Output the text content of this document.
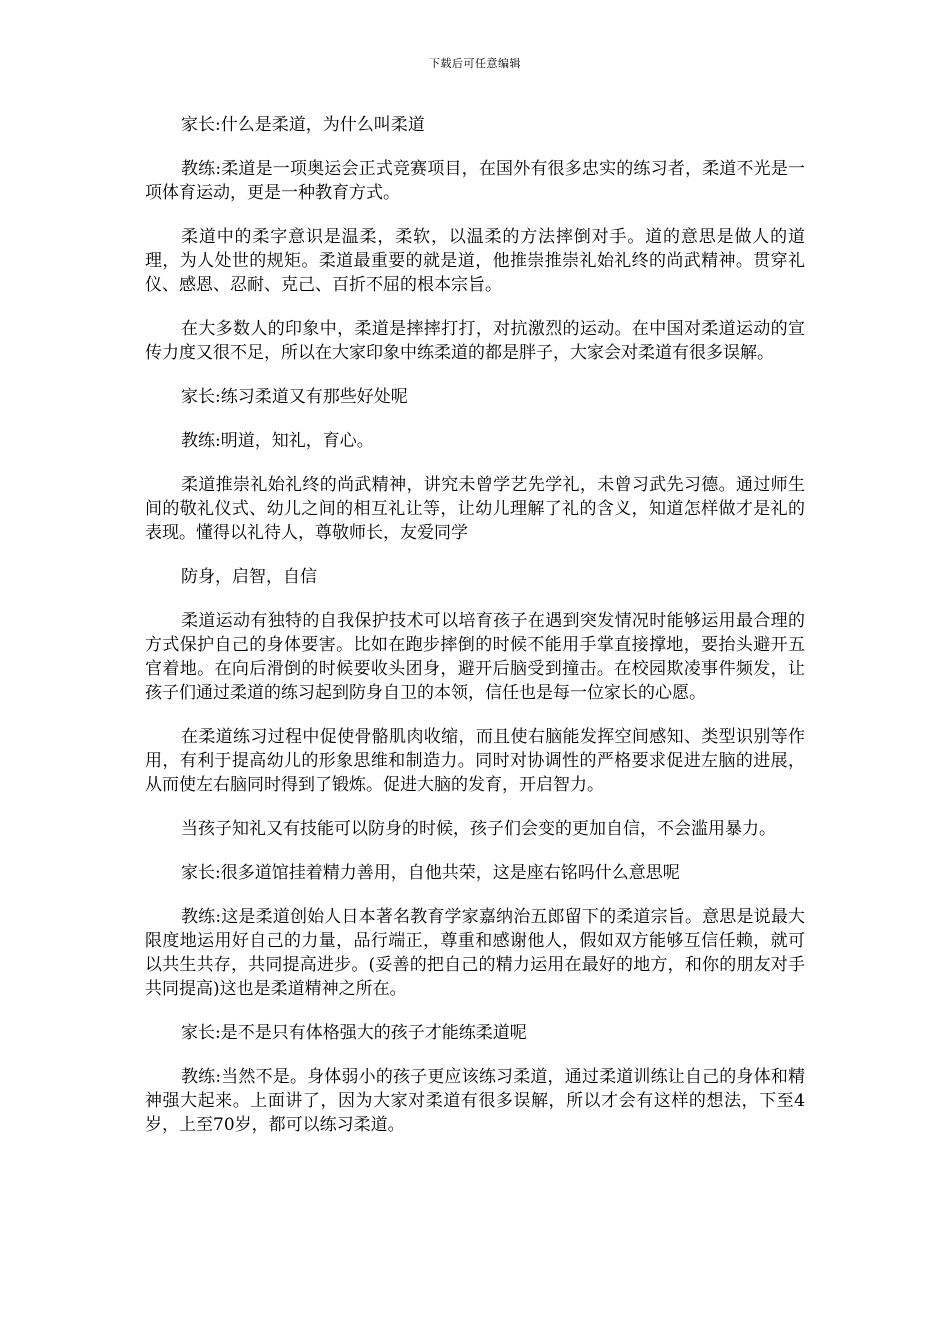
下载后可任意编辑

家长:什么是柔道，为什么叫柔道

教练:柔道是一项奥运会正式竞赛项目，在国外有很多忠实的练习者，柔道不光是一项体育运动，更是一种教育方式。

柔道中的柔字意识是温柔，柔软，以温柔的方法摔倒对手。道的意思是做人的道理，为人处世的规矩。柔道最重要的就是道，他推崇推崇礼始礼终的尚武精神。贯穿礼仪、感恩、忍耐、克己、百折不屈的根本宗旨。

在大多数人的印象中，柔道是摔摔打打，对抗激烈的运动。在中国对柔道运动的宣传力度又很不足，所以在大家印象中练柔道的都是胖子，大家会对柔道有很多误解。

家长:练习柔道又有那些好处呢

教练:明道，知礼，育心。

柔道推崇礼始礼终的尚武精神，讲究未曾学艺先学礼，未曾习武先习德。通过师生间的敬礼仪式、幼儿之间的相互礼让等，让幼儿理解了礼的含义，知道怎样做才是礼的表现。懂得以礼待人，尊敬师长，友爱同学

防身，启智，自信

柔道运动有独特的自我保护技术可以培育孩子在遇到突发情况时能够运用最合理的方式保护自己的身体要害。比如在跑步摔倒的时候不能用手掌直接撑地，要抬头避开五官着地。在向后滑倒的时候要收头团身，避开后脑受到撞击。在校园欺凌事件频发，让孩子们通过柔道的练习起到防身自卫的本领，信任也是每一位家长的心愿。

在柔道练习过程中促使骨骼肌肉收缩，而且使右脑能发挥空间感知、类型识别等作用，有利于提高幼儿的形象思维和制造力。同时对协调性的严格要求促进左脑的进展，从而使左右脑同时得到了锻炼。促进大脑的发育，开启智力。

当孩子知礼又有技能可以防身的时候，孩子们会变的更加自信，不会滥用暴力。

家长:很多道馆挂着精力善用，自他共荣，这是座右铭吗什么意思呢

教练:这是柔道创始人日本著名教育学家嘉纳治五郎留下的柔道宗旨。意思是说最大限度地运用好自己的力量，品行端正，尊重和感谢他人，假如双方能够互信任赖，就可以共生共存，共同提高进步。(妥善的把自己的精力运用在最好的地方，和你的朋友对手共同提高)这也是柔道精神之所在。

家长:是不是只有体格强大的孩子才能练柔道呢

教练:当然不是。身体弱小的孩子更应该练习柔道，通过柔道训练让自己的身体和精神强大起来。上面讲了，因为大家对柔道有很多误解，所以才会有这样的想法，下至4岁，上至70岁，都可以练习柔道。
